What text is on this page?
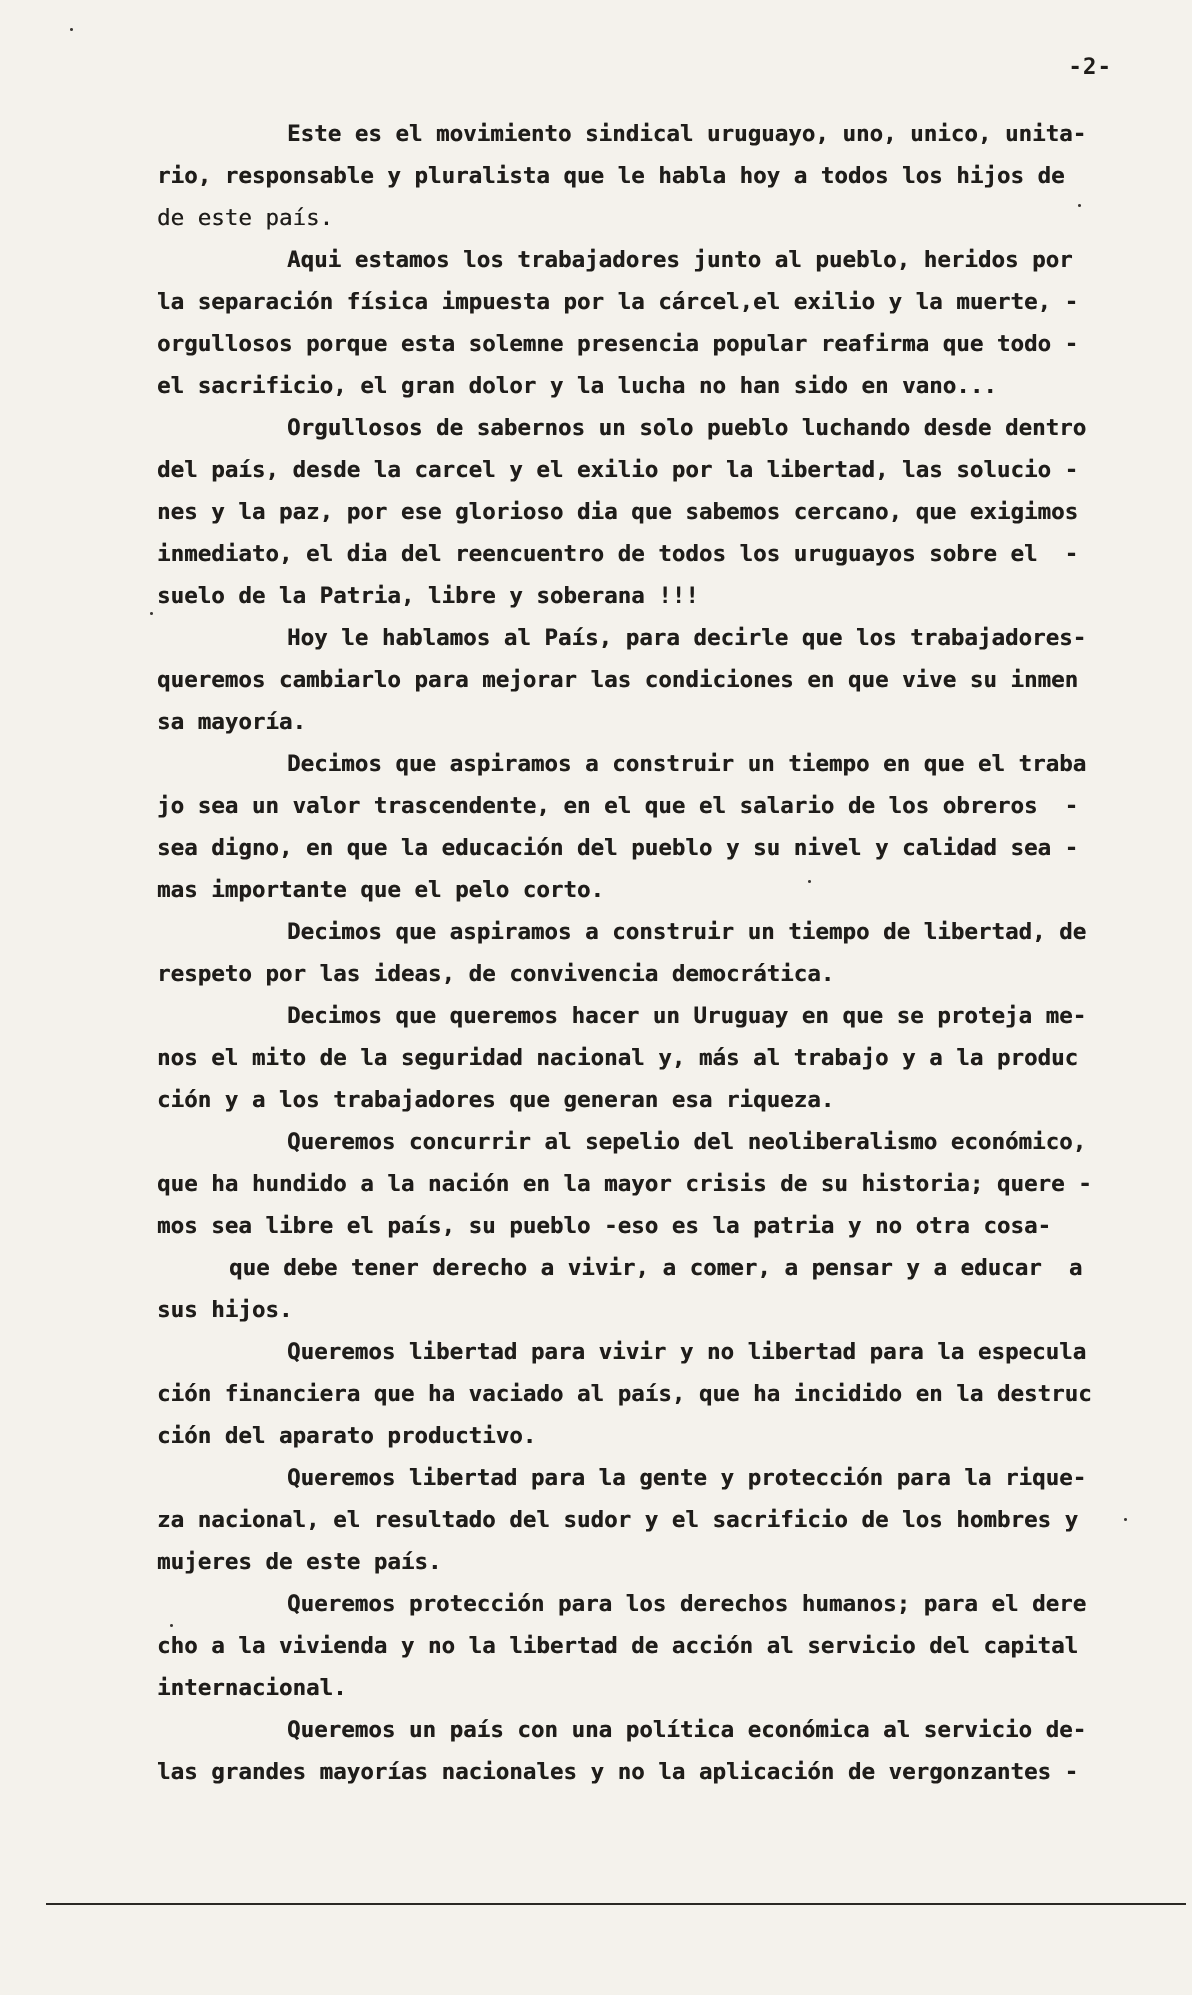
-2-
Este es el movimiento sindical uruguayo, uno, unico, unita-
rio, responsable y pluralista que le habla hoy a todos los hijos de
de este país.
Aqui estamos los trabajadores junto al pueblo, heridos por
la separación física impuesta por la cárcel,el exilio y la muerte, -
orgullosos porque esta solemne presencia popular reafirma que todo -
el sacrificio, el gran dolor y la lucha no han sido en vano...
Orgullosos de sabernos un solo pueblo luchando desde dentro
del país, desde la carcel y el exilio por la libertad, las solucio -
nes y la paz, por ese glorioso dia que sabemos cercano, que exigimos
inmediato, el dia del reencuentro de todos los uruguayos sobre el  -
suelo de la Patria, libre y soberana !!!
Hoy le hablamos al País, para decirle que los trabajadores-
queremos cambiarlo para mejorar las condiciones en que vive su inmen
sa mayoría.
Decimos que aspiramos a construir un tiempo en que el traba
jo sea un valor trascendente, en el que el salario de los obreros  -
sea digno, en que la educación del pueblo y su nivel y calidad sea -
mas importante que el pelo corto.
Decimos que aspiramos a construir un tiempo de libertad, de
respeto por las ideas, de convivencia democrática.
Decimos que queremos hacer un Uruguay en que se proteja me-
nos el mito de la seguridad nacional y, más al trabajo y a la produc
ción y a los trabajadores que generan esa riqueza.
Queremos concurrir al sepelio del neoliberalismo económico,
que ha hundido a la nación en la mayor crisis de su historia; quere -
mos sea libre el país, su pueblo -eso es la patria y no otra cosa-
que debe tener derecho a vivir, a comer, a pensar y a educar  a
sus hijos.
Queremos libertad para vivir y no libertad para la especula
ción financiera que ha vaciado al país, que ha incidido en la destruc
ción del aparato productivo.
Queremos libertad para la gente y protección para la rique-
za nacional, el resultado del sudor y el sacrificio de los hombres y
mujeres de este país.
Queremos protección para los derechos humanos; para el dere
cho a la vivienda y no la libertad de acción al servicio del capital
internacional.
Queremos un país con una política económica al servicio de-
las grandes mayorías nacionales y no la aplicación de vergonzantes -
